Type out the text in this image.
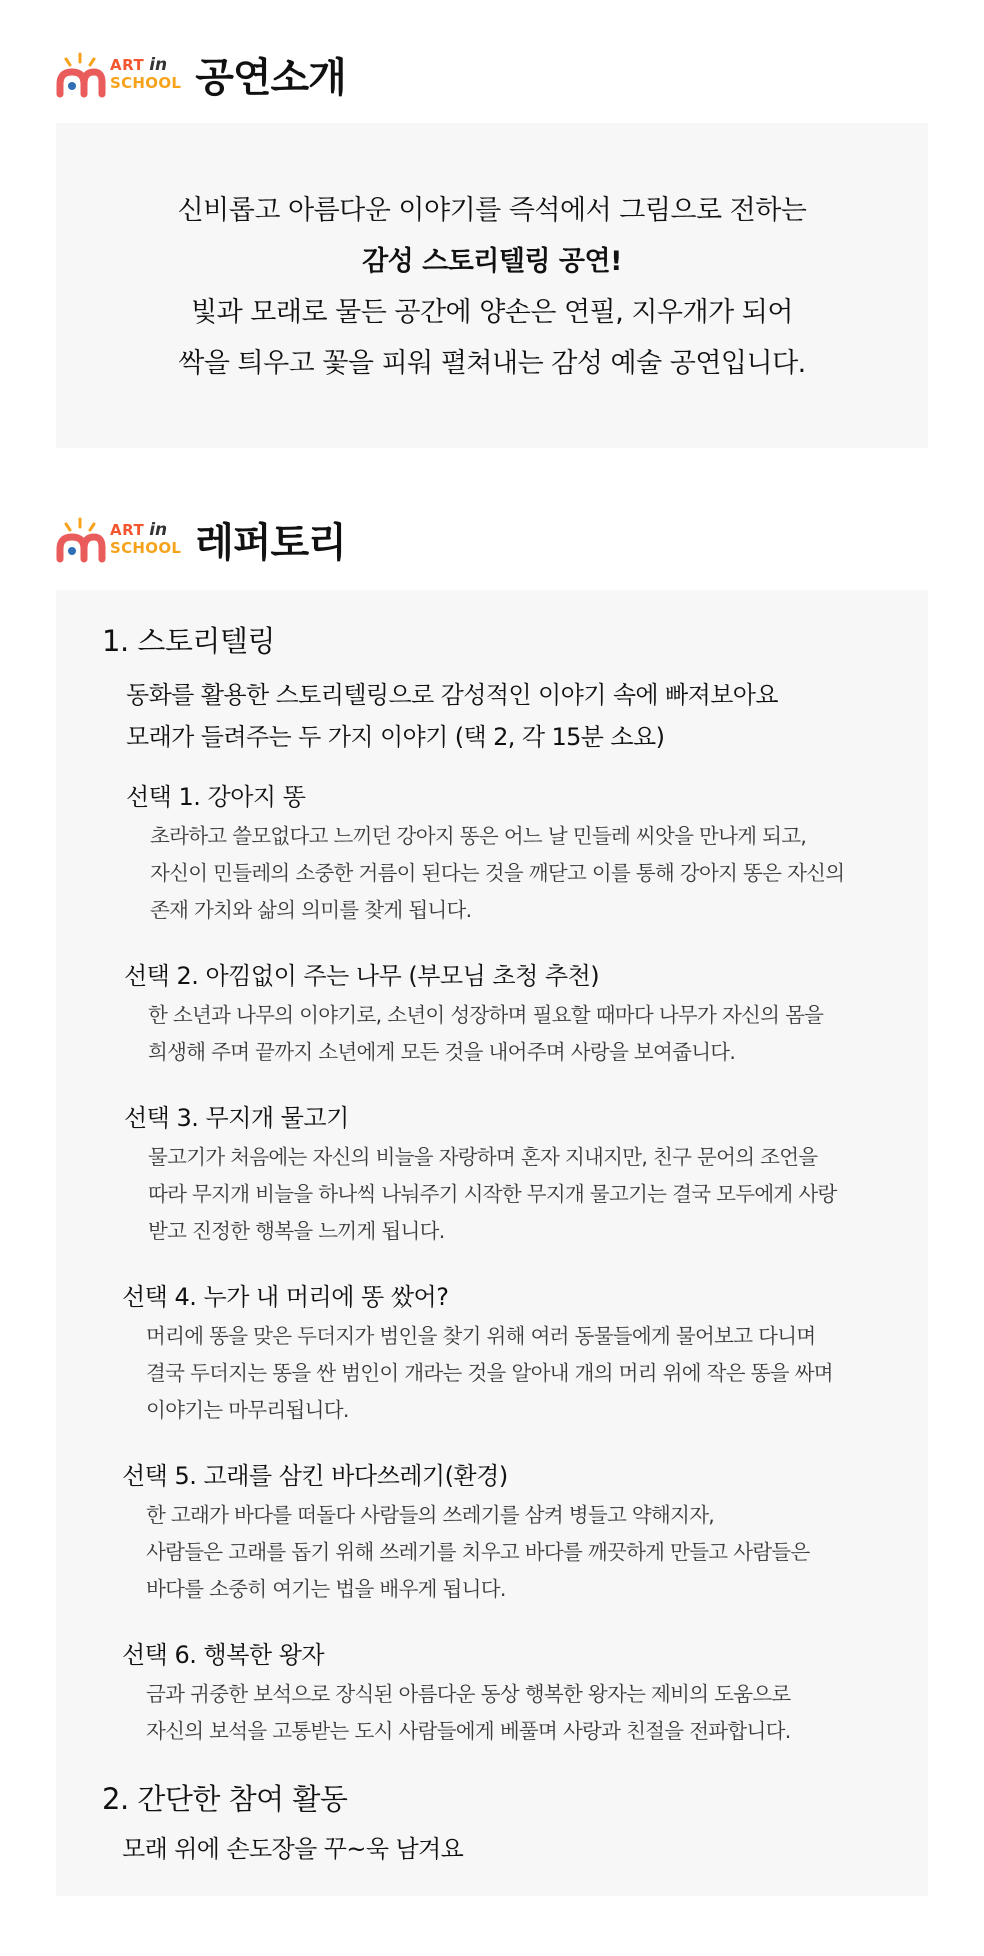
ART in
SCHOOL 공연소개
신비롭고 아름다운 이야기를 즉석에서 그림으로 전하는
감성 스토리텔링 공연!
빛과 모래로 물든 공간에 양손은 연필, 지우개가 되어
싹을 틔우고 꽃을 피워 펼쳐내는 감성 예술 공연입니다.
ART in
SCHOOL 레퍼토리
1. 스토리텔링
동화를 활용한 스토리텔링으로 감성적인 이야기 속에 빠져보아요
모래가 들려주는 두 가지 이야기 (택 2, 각 15분 소요)
선택 1. 강아지 똥
초라하고 쓸모없다고 느끼던 강아지 똥은 어느 날 민들레 씨앗을 만나게 되고,
자신이 민들레의 소중한 거름이 된다는 것을 깨닫고 이를 통해 강아지 똥은 자신의
존재 가치와 삶의 의미를 찾게 됩니다.
선택 2. 아낌없이 주는 나무 (부모님 초청 추천)
한 소년과 나무의 이야기로, 소년이 성장하며 필요할 때마다 나무가 자신의 몸을
희생해 주며 끝까지 소년에게 모든 것을 내어주며 사랑을 보여줍니다.
선택 3. 무지개 물고기
물고기가 처음에는 자신의 비늘을 자랑하며 혼자 지내지만, 친구 문어의 조언을
따라 무지개 비늘을 하나씩 나눠주기 시작한 무지개 물고기는 결국 모두에게 사랑
받고 진정한 행복을 느끼게 됩니다.
선택 4. 누가 내 머리에 똥 쌌어?
머리에 똥을 맞은 두더지가 범인을 찾기 위해 여러 동물들에게 물어보고 다니며
결국 두더지는 똥을 싼 범인이 개라는 것을 알아내 개의 머리 위에 작은 똥을 싸며
이야기는 마무리됩니다.
선택 5. 고래를 삼킨 바다쓰레기(환경)
한 고래가 바다를 떠돌다 사람들의 쓰레기를 삼켜 병들고 약해지자,
사람들은 고래를 돕기 위해 쓰레기를 치우고 바다를 깨끗하게 만들고 사람들은
바다를 소중히 여기는 법을 배우게 됩니다.
선택 6. 행복한 왕자
금과 귀중한 보석으로 장식된 아름다운 동상 행복한 왕자는 제비의 도움으로
자신의 보석을 고통받는 도시 사람들에게 베풀며 사랑과 친절을 전파합니다.
2. 간단한 참여 활동
모래 위에 손도장을 꾸~욱 남겨요
